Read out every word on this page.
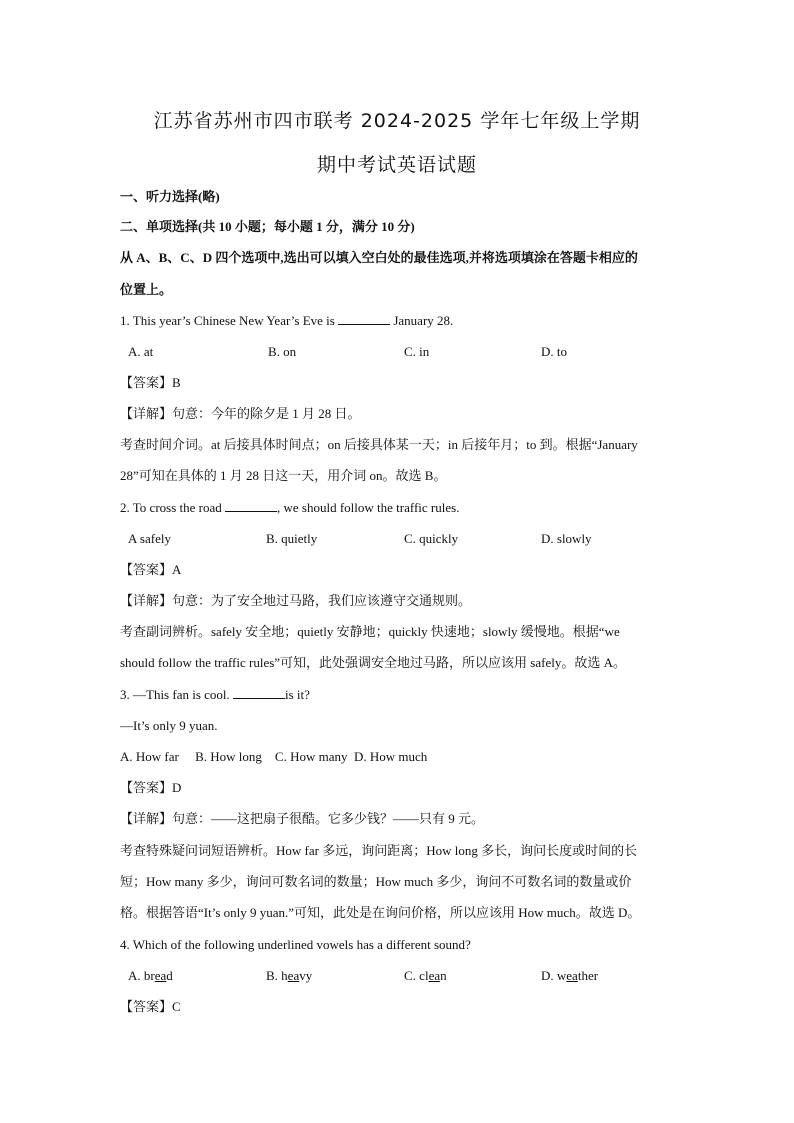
江苏省苏州市四市联考 2024-2025 学年七年级上学期
期中考试英语试题
一、听力选择(略)
二、单项选择(共 10 小题；每小题 1 分，满分 10 分)
从 A、B、C、D 四个选项中,选出可以填入空白处的最佳选项,并将选项填涂在答题卡相应的
位置上。
1. This year’s Chinese New Year’s Eve is	January 28.
A. at	B. on	C. in	D. to
【答案】B
【详解】句意：今年的除夕是 1 月 28 日。
考查时间介词。at 后接具体时间点；on 后接具体某一天；in 后接年月；to 到。根据“January
28”可知在具体的 1 月 28 日这一天，用介词 on。故选 B。
2. To cross the road	, we should follow the traffic rules.
A safely	B. quietly	C. quickly	D. slowly
【答案】A
【详解】句意：为了安全地过马路，我们应该遵守交通规则。
考查副词辨析。safely 安全地；quietly 安静地；quickly 快速地；slowly 缓慢地。根据“we
should follow the traffic rules”可知，此处强调安全地过马路，所以应该用 safely。故选 A。
3. —This fan is cool.	is it?
—It’s only 9 yuan.
A. How far     B. How long    C. How many  D. How much
【答案】D
【详解】句意：——这把扇子很酷。它多少钱？——只有 9 元。
考查特殊疑问词短语辨析。How far 多远，询问距离；How long 多长，询问长度或时间的长
短；How many 多少，询问可数名词的数量；How much 多少，询问不可数名词的数量或价
格。根据答语“It’s only 9 yuan.”可知，此处是在询问价格，所以应该用 How much。故选 D。
4. Which of the following underlined vowels has a different sound?
A. bread	B. heavy	C. clean	D. weather
【答案】C
